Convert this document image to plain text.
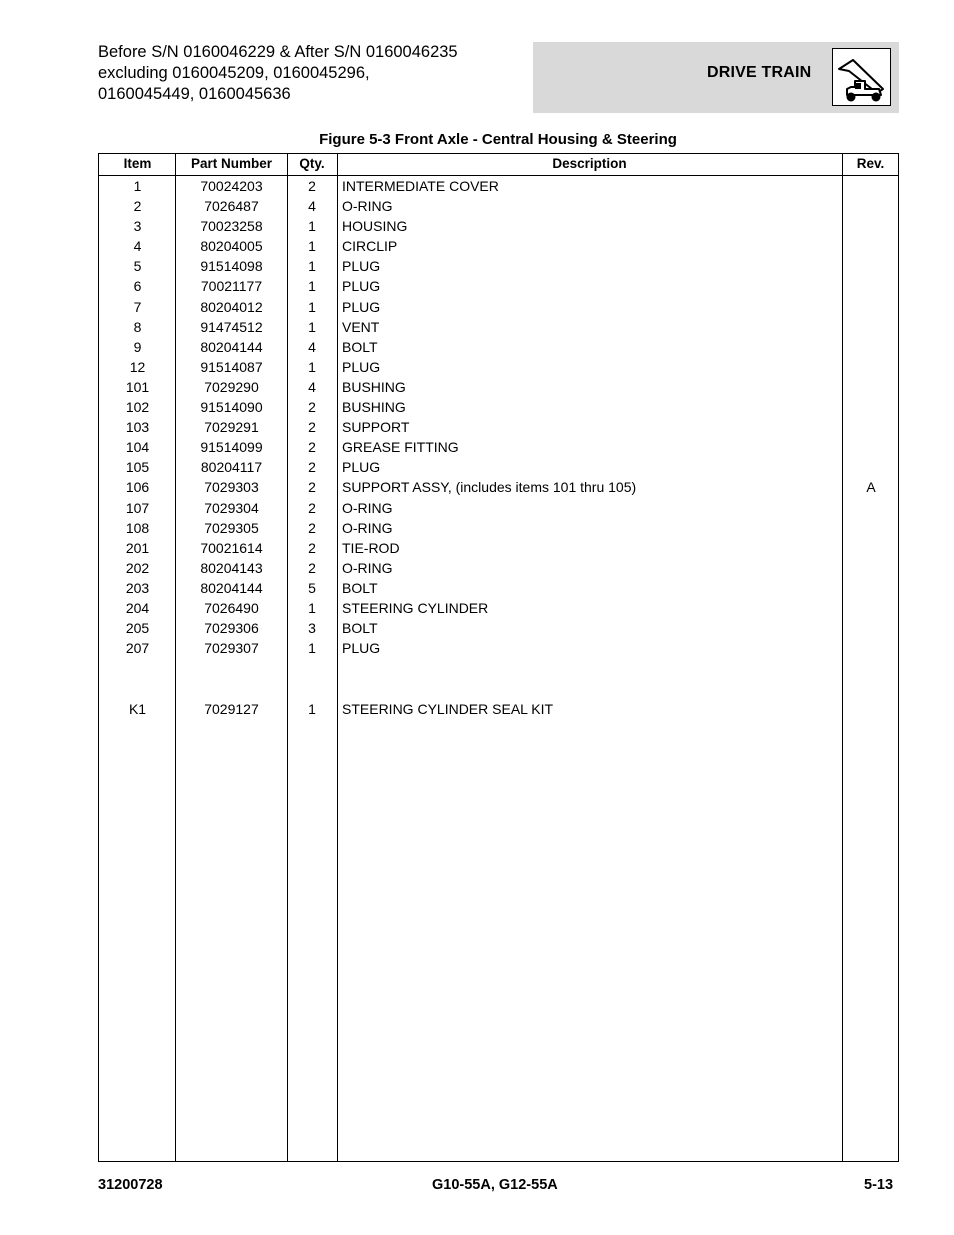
Before S/N 0160046229 & After S/N 0160046235
excluding 0160045209, 0160045296,
0160045449, 0160045636
DRIVE TRAIN
Figure 5-3 Front Axle - Central Housing & Steering
Item	Part Number	Qty.	Description	Rev.
1	70024203	2	INTERMEDIATE COVER
2	7026487	4	O-RING
3	70023258	1	HOUSING
4	80204005	1	CIRCLIP
5	91514098	1	PLUG
6	70021177	1	PLUG
7	80204012	1	PLUG
8	91474512	1	VENT
9	80204144	4	BOLT
12	91514087	1	PLUG
101	7029290	4	BUSHING
102	91514090	2	BUSHING
103	7029291	2	SUPPORT
104	91514099	2	GREASE FITTING
105	80204117	2	PLUG
106	7029303	2	SUPPORT ASSY, (includes items 101 thru 105)	A
107	7029304	2	O-RING
108	7029305	2	O-RING
201	70021614	2	TIE-ROD
202	80204143	2	O-RING
203	80204144	5	BOLT
204	7026490	1	STEERING CYLINDER
205	7029306	3	BOLT
207	7029307	1	PLUG
K1	7029127	1	STEERING CYLINDER SEAL KIT
31200728	G10-55A, G12-55A	5-13
